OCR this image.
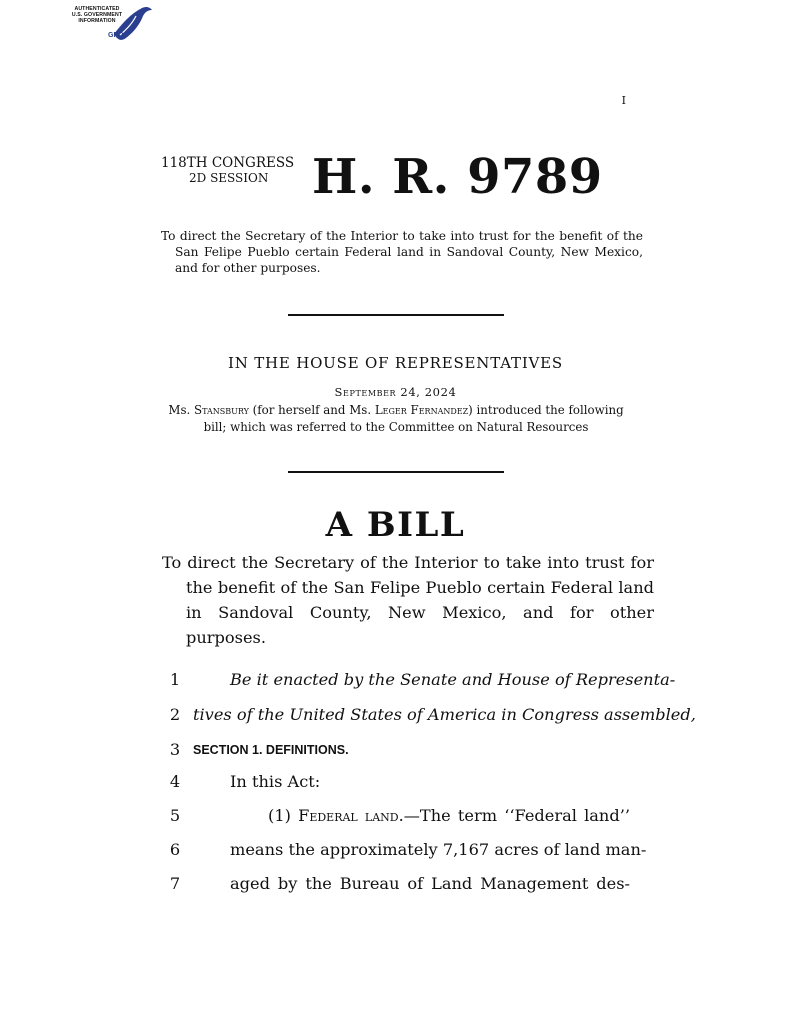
AUTHENTICATED
U.S. GOVERNMENT
INFORMATION
GPO
I
118TH CONGRESS
2D SESSION H. R. 9789
To direct the Secretary of the Interior to take into trust for the benefit of the San Felipe Pueblo certain Federal land in Sandoval County, New Mexico, and for other purposes.
IN THE HOUSE OF REPRESENTATIVES
September 24, 2024
Ms. Stansbury (for herself and Ms. Leger Fernandez) introduced the following bill; which was referred to the Committee on Natural Resources
A BILL
To direct the Secretary of the Interior to take into trust for the benefit of the San Felipe Pueblo certain Federal land in Sandoval County, New Mexico, and for other purposes.
1	Be it enacted by the Senate and House of Representa-
2 tives of the United States of America in Congress assembled,
3 SECTION 1. DEFINITIONS.
4	In this Act:
5	(1) Federal land.—The term ‘‘Federal land’’
6	means the approximately 7,167 acres of land man-
7	aged by the Bureau of Land Management des-
